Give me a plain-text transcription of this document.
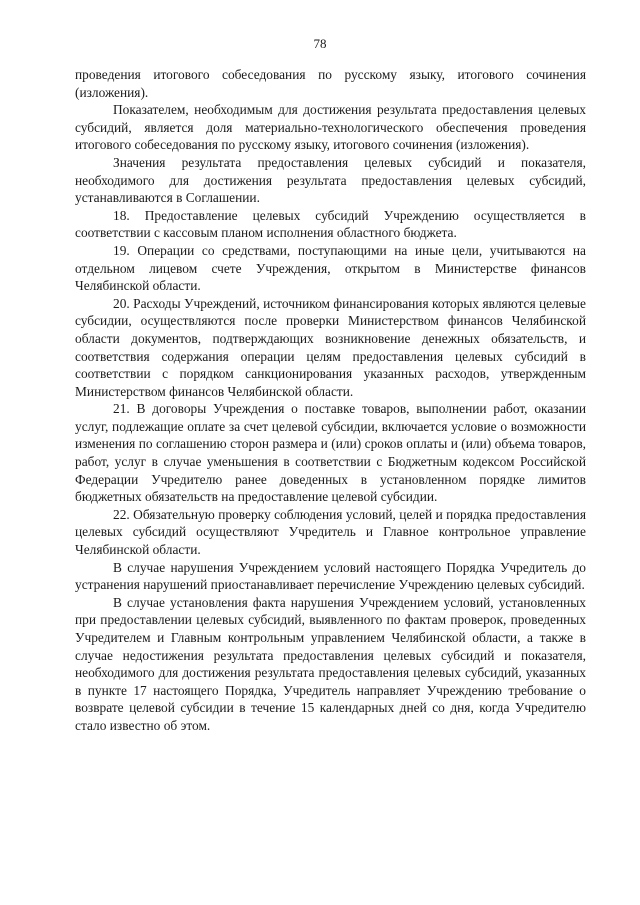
78

проведения итогового собеседования по русскому языку, итогового сочинения (изложения).

Показателем, необходимым для достижения результата предоставления целевых субсидий, является доля материально-технологического обеспечения проведения итогового собеседования по русскому языку, итогового сочинения (изложения).

Значения результата предоставления целевых субсидий и показателя, необходимого для достижения результата предоставления целевых субсидий, устанавливаются в Соглашении.

18. Предоставление целевых субсидий Учреждению осуществляется в соответствии с кассовым планом исполнения областного бюджета.

19. Операции со средствами, поступающими на иные цели, учитываются на отдельном лицевом счете Учреждения, открытом в Министерстве финансов Челябинской области.

20. Расходы Учреждений, источником финансирования которых являются целевые субсидии, осуществляются после проверки Министерством финансов Челябинской области документов, подтверждающих возникновение денежных обязательств, и соответствия содержания операции целям предоставления целевых субсидий в соответствии с порядком санкционирования указанных расходов, утвержденным Министерством финансов Челябинской области.

21. В договоры Учреждения о поставке товаров, выполнении работ, оказании услуг, подлежащие оплате за счет целевой субсидии, включается условие о возможности изменения по соглашению сторон размера и (или) сроков оплаты и (или) объема товаров, работ, услуг в случае уменьшения в соответствии с Бюджетным кодексом Российской Федерации Учредителю ранее доведенных в установленном порядке лимитов бюджетных обязательств на предоставление целевой субсидии.

22. Обязательную проверку соблюдения условий, целей и порядка предоставления целевых субсидий осуществляют Учредитель и Главное контрольное управление Челябинской области.

В случае нарушения Учреждением условий настоящего Порядка Учредитель до устранения нарушений приостанавливает перечисление Учреждению целевых субсидий.

В случае установления факта нарушения Учреждением условий, установленных при предоставлении целевых субсидий, выявленного по фактам проверок, проведенных Учредителем и Главным контрольным управлением Челябинской области, а также в случае недостижения результата предоставления целевых субсидий и показателя, необходимого для достижения результата предоставления целевых субсидий, указанных в пункте 17 настоящего Порядка, Учредитель направляет Учреждению требование о возврате целевой субсидии в течение 15 календарных дней со дня, когда Учредителю стало известно об этом.
